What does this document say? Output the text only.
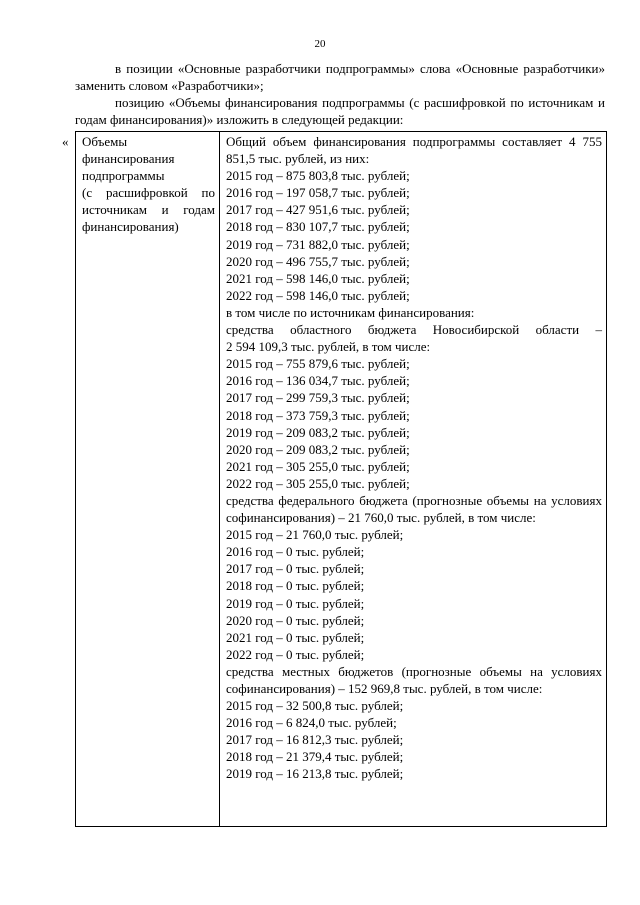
20

в позиции «Основные разработчики подпрограммы» слова «Основные разработчики» заменить словом «Разработчики»;

позицию «Объемы финансирования подпрограммы (с расшифровкой по источникам и годам финансирования)» изложить в следующей редакции:

« Объемы
финансирования
подпрограммы
(с расшифровкой по
источникам и годам
финансирования)
Общий объем финансирования подпрограммы составляет 4 755 851,5 тыс. рублей, из них:
2015 год – 875 803,8 тыс. рублей;
2016 год – 197 058,7 тыс. рублей;
2017 год – 427 951,6 тыс. рублей;
2018 год – 830 107,7 тыс. рублей;
2019 год – 731 882,0 тыс. рублей;
2020 год – 496 755,7 тыс. рублей;
2021 год – 598 146,0 тыс. рублей;
2022 год – 598 146,0 тыс. рублей;
в том числе по источникам финансирования:
средства областного бюджета Новосибирской области –
2 594 109,3 тыс. рублей, в том числе:
2015 год – 755 879,6 тыс. рублей;
2016 год – 136 034,7 тыс. рублей;
2017 год – 299 759,3 тыс. рублей;
2018 год – 373 759,3 тыс. рублей;
2019 год – 209 083,2 тыс. рублей;
2020 год – 209 083,2 тыс. рублей;
2021 год – 305 255,0 тыс. рублей;
2022 год – 305 255,0 тыс. рублей;
средства федерального бюджета (прогнозные объемы на условиях софинансирования) – 21 760,0 тыс. рублей, в том числе:
2015 год – 21 760,0 тыс. рублей;
2016 год – 0 тыс. рублей;
2017 год – 0 тыс. рублей;
2018 год – 0 тыс. рублей;
2019 год – 0 тыс. рублей;
2020 год – 0 тыс. рублей;
2021 год – 0 тыс. рублей;
2022 год – 0 тыс. рублей;
средства местных бюджетов (прогнозные объемы на условиях софинансирования) – 152 969,8 тыс. рублей, в том числе:
2015 год – 32 500,8 тыс. рублей;
2016 год – 6 824,0 тыс. рублей;
2017 год – 16 812,3 тыс. рублей;
2018 год – 21 379,4 тыс. рублей;
2019 год – 16 213,8 тыс. рублей;
